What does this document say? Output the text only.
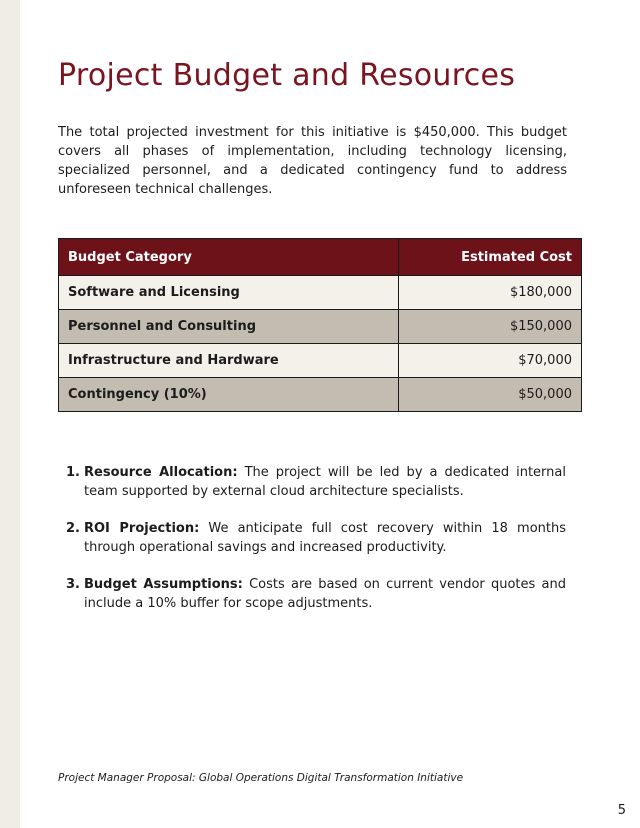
Project Budget and Resources

The total projected investment for this initiative is $450,000. This budget covers all phases of implementation, including technology licensing, specialized personnel, and a dedicated contingency fund to address unforeseen technical challenges.

Budget Category	Estimated Cost
Software and Licensing	$180,000
Personnel and Consulting	$150,000
Infrastructure and Hardware	$70,000
Contingency (10%)	$50,000
1. Resource Allocation: The project will be led by a dedicated internal team supported by external cloud architecture specialists.
2. ROI Projection: We anticipate full cost recovery within 18 months through operational savings and increased productivity.
3. Budget Assumptions: Costs are based on current vendor quotes and include a 10% buffer for scope adjustments.
Project Manager Proposal: Global Operations Digital Transformation Initiative
5
